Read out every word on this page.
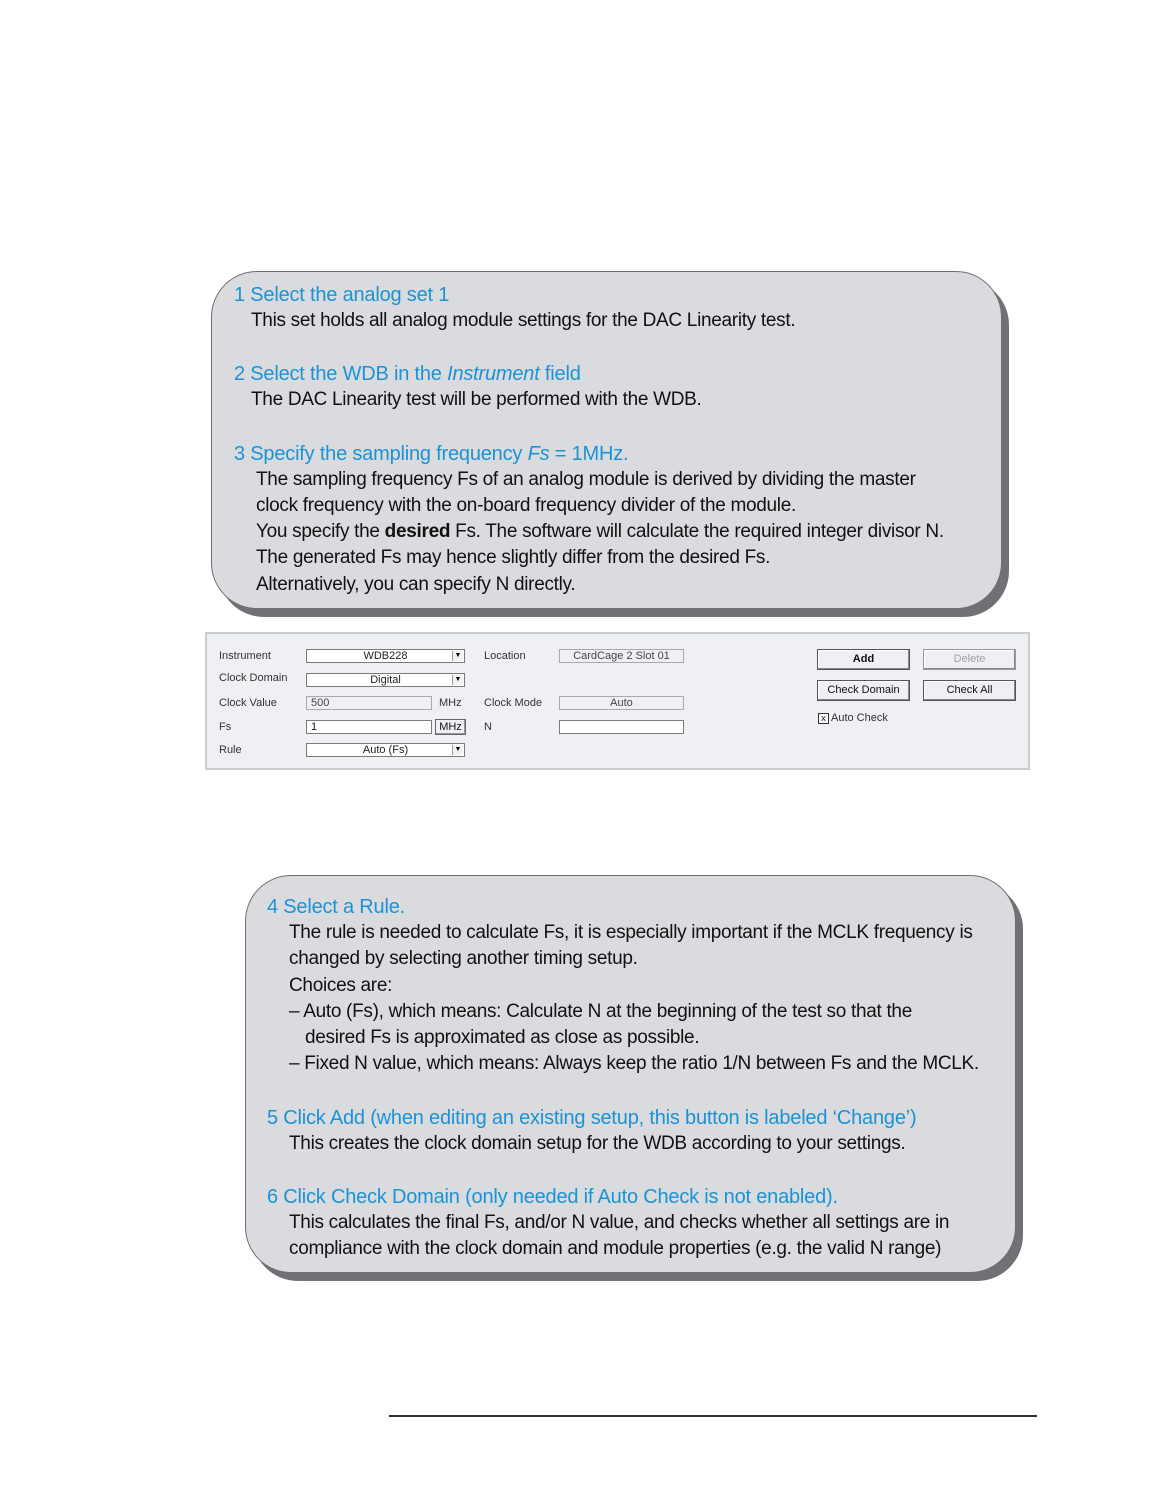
1 Select the analog set 1
This set holds all analog module settings for the DAC Linearity test.
2 Select the WDB in the Instrument field
The DAC Linearity test will be performed with the WDB.
3 Specify the sampling frequency Fs = 1MHz.
The sampling frequency Fs of an analog module is derived by dividing the master
clock frequency with the on-board frequency divider of the module.
You specify the desired Fs. The software will calculate the required integer divisor N.
The generated Fs may hence slightly differ from the desired Fs.
Alternatively, you can specify N directly.
Instrument	WDB228	▼
Clock Domain	Digital	▼
Clock Value	500	MHz
Fs	1	MHz
Rule	Auto (Fs)	▼
Location	CardCage 2 Slot 01
Clock Mode	Auto
N
Add	Delete
Check Domain	Check All
x Auto Check
4 Select a Rule.
The rule is needed to calculate Fs, it is especially important if the MCLK frequency is
changed by selecting another timing setup.
Choices are:
– Auto (Fs), which means: Calculate N at the beginning of the test so that the
desired Fs is approximated as close as possible.
– Fixed N value, which means: Always keep the ratio 1/N between Fs and the MCLK.
5 Click Add (when editing an existing setup, this button is labeled ‘Change’)
This creates the clock domain setup for the WDB according to your settings.
6 Click Check Domain (only needed if Auto Check is not enabled).
This calculates the final Fs, and/or N value, and checks whether all settings are in
compliance with the clock domain and module properties (e.g. the valid N range)
